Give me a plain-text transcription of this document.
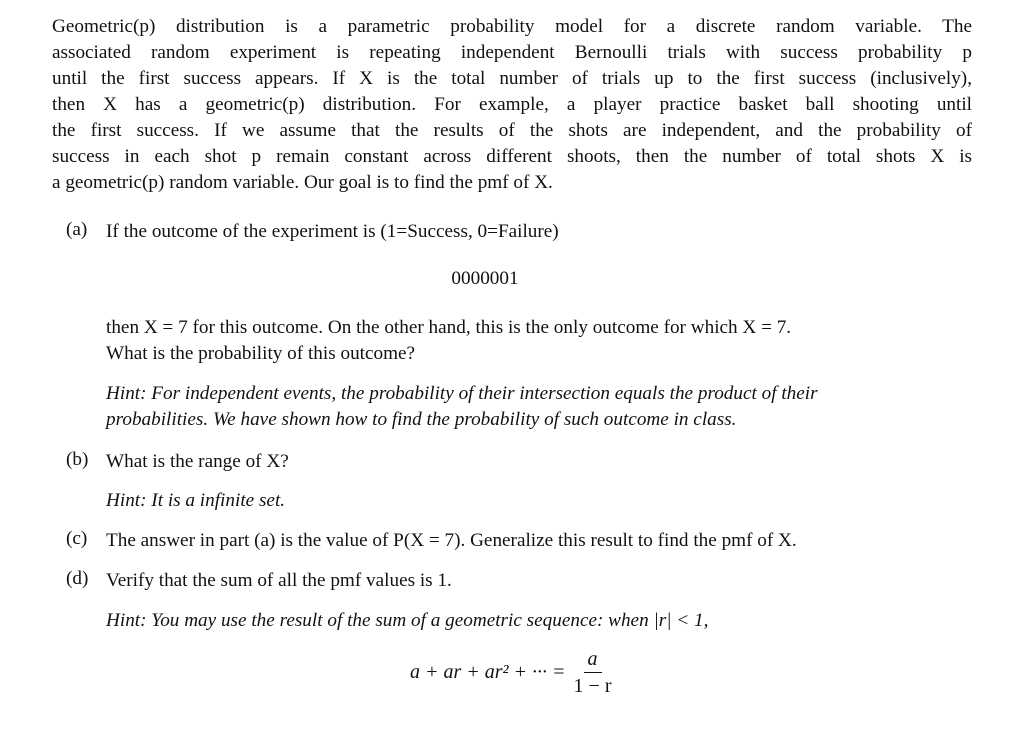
Geometric(p) distribution is a parametric probability model for a discrete random variable. The
associated random experiment is repeating independent Bernoulli trials with success probability p
until the first success appears. If X is the total number of trials up to the first success (inclusively),
then X has a geometric(p) distribution. For example, a player practice basket ball shooting until
the first success. If we assume that the results of the shots are independent, and the probability of
success in each shot p remain constant across different shoots, then the number of total shots X is
a geometric(p) random variable. Our goal is to find the pmf of X.

(a) If the outcome of the experiment is (1=Success, 0=Failure)
0000001
then X = 7 for this outcome. On the other hand, this is the only outcome for which X = 7.
What is the probability of this outcome?
Hint: For independent events, the probability of their intersection equals the product of their
probabilities. We have shown how to find the probability of such outcome in class.
(b) What is the range of X?
Hint: It is a infinite set.
(c) The answer in part (a) is the value of P(X = 7). Generalize this result to find the pmf of X.
(d) Verify that the sum of all the pmf values is 1.
Hint: You may use the result of the sum of a geometric sequence: when |r| < 1,
a + ar + ar² + ··· = $\frac{a}{1 - r}$
